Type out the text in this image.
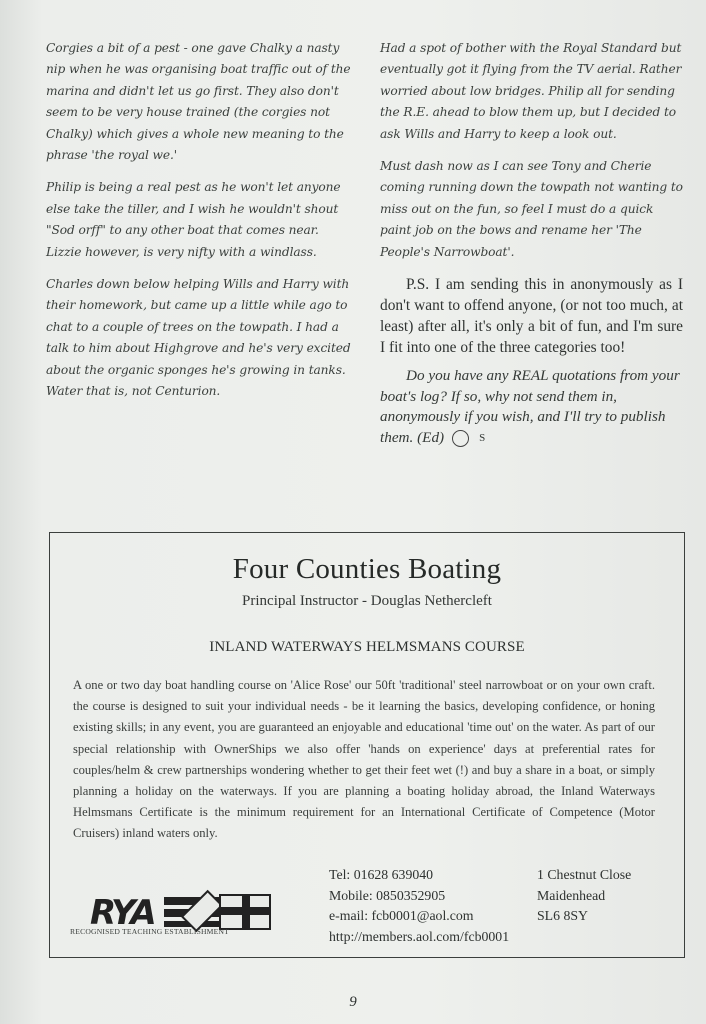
Corgies a bit of a pest - one gave Chalky a nasty nip when he was organising boat traffic out of the marina and didn't let us go first. They also don't seem to be very house trained (the corgies not Chalky) which gives a whole new meaning to the phrase 'the royal we.'

Philip is being a real pest as he won't let anyone else take the tiller, and I wish he wouldn't shout "Sod orff" to any other boat that comes near. Lizzie however, is very nifty with a windlass.

Charles down below helping Wills and Harry with their homework, but came up a little while ago to chat to a couple of trees on the towpath. I had a talk to him about Highgrove and he's very excited about the organic sponges he's growing in tanks. Water that is, not Centurion.

Had a spot of bother with the Royal Standard but eventually got it flying from the TV aerial. Rather worried about low bridges. Philip all for sending the R.E. ahead to blow them up, but I decided to ask Wills and Harry to keep a look out.

Must dash now as I can see Tony and Cherie coming running down the towpath not wanting to miss out on the fun, so feel I must do a quick paint job on the bows and rename her 'The People's Narrowboat'.

P.S. I am sending this in anonymously as I don't want to offend anyone, (or not too much, at least) after all, it's only a bit of fun, and I'm sure I fit into one of the three categories too!

Do you have any REAL quotations from your boat's log? If so, why not send them in, anonymously if you wish, and I'll try to publish them. (Ed)	S

Four Counties Boating
Principal Instructor - Douglas Nethercleft
INLAND WATERWAYS HELMSMANS COURSE

A one or two day boat handling course on 'Alice Rose' our 50ft 'traditional' steel narrowboat or on your own craft. the course is designed to suit your individual needs - be it learning the basics, developing confidence, or honing existing skills; in any event, you are guaranteed an enjoyable and educational 'time out' on the water. As part of our special relationship with OwnerShips we also offer 'hands on experience' days at preferential rates for couples/helm & crew partnerships wondering whether to get their feet wet (!) and buy a share in a boat, or simply planning a holiday on the waterways. If you are planning a boating holiday abroad, the Inland Waterways Helmsmans Certificate is the minimum requirement for an International Certificate of Competence (Motor Cruisers) inland waters only.

RYA
RECOGNISED TEACHING ESTABLISHMENT
Tel: 01628 639040
Mobile: 0850352905
e-mail: fcb0001@aol.com
http://members.aol.com/fcb0001
1 Chestnut Close
Maidenhead
SL6 8SY
9
